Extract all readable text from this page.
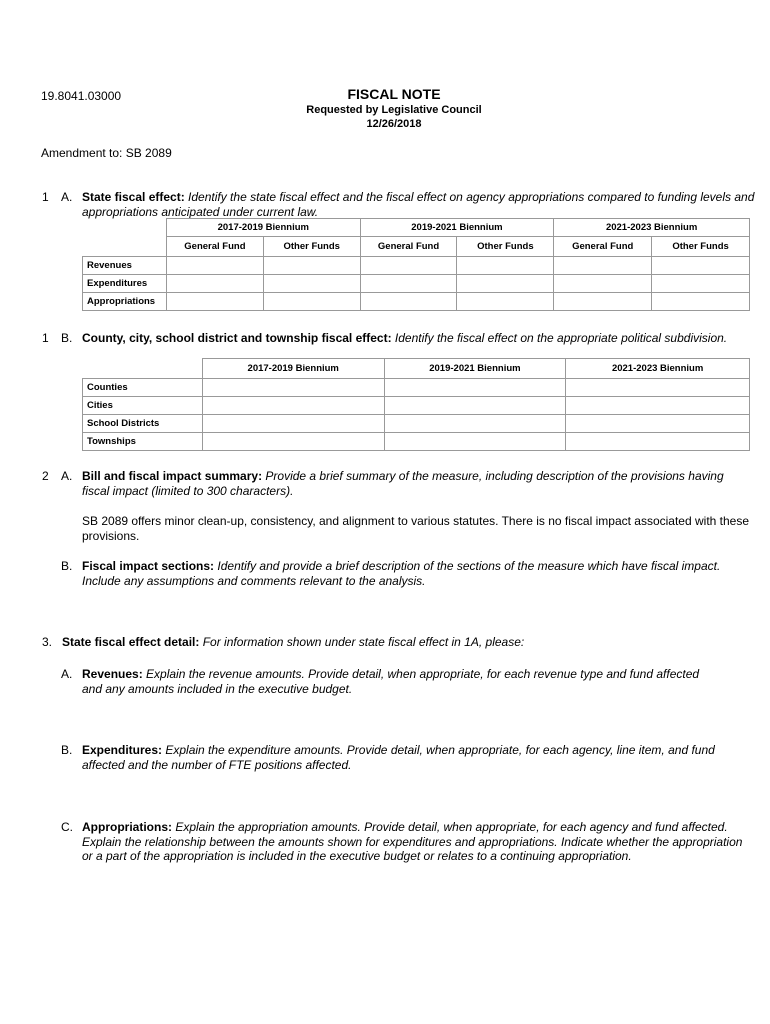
19.8041.03000	FISCAL NOTE
Requested by Legislative Council
12/26/2018
Amendment to: SB 2089
1 A. State fiscal effect: Identify the state fiscal effect and the fiscal effect on agency appropriations compared to funding levels and appropriations anticipated under current law.
	2017-2019 Biennium		2019-2021 Biennium		2021-2023 Biennium	
	General Fund	Other Funds	General Fund	Other Funds	General Fund	Other Funds
Revenues						
Expenditures						
Appropriations						
1 B. County, city, school district and township fiscal effect: Identify the fiscal effect on the appropriate political subdivision.
	2017-2019 Biennium	2019-2021 Biennium	2021-2023 Biennium
Counties			
Cities			
School Districts			
Townships			
2 A. Bill and fiscal impact summary: Provide a brief summary of the measure, including description of the provisions having fiscal impact (limited to 300 characters).
SB 2089 offers minor clean-up, consistency, and alignment to various statutes. There is no fiscal impact associated with these provisions.
B. Fiscal impact sections: Identify and provide a brief description of the sections of the measure which have fiscal impact. Include any assumptions and comments relevant to the analysis.
3. State fiscal effect detail: For information shown under state fiscal effect in 1A, please:
A. Revenues: Explain the revenue amounts. Provide detail, when appropriate, for each revenue type and fund affected and any amounts included in the executive budget.
B. Expenditures: Explain the expenditure amounts. Provide detail, when appropriate, for each agency, line item, and fund affected and the number of FTE positions affected.
C. Appropriations: Explain the appropriation amounts. Provide detail, when appropriate, for each agency and fund affected. Explain the relationship between the amounts shown for expenditures and appropriations. Indicate whether the appropriation or a part of the appropriation is included in the executive budget or relates to a continuing appropriation.
